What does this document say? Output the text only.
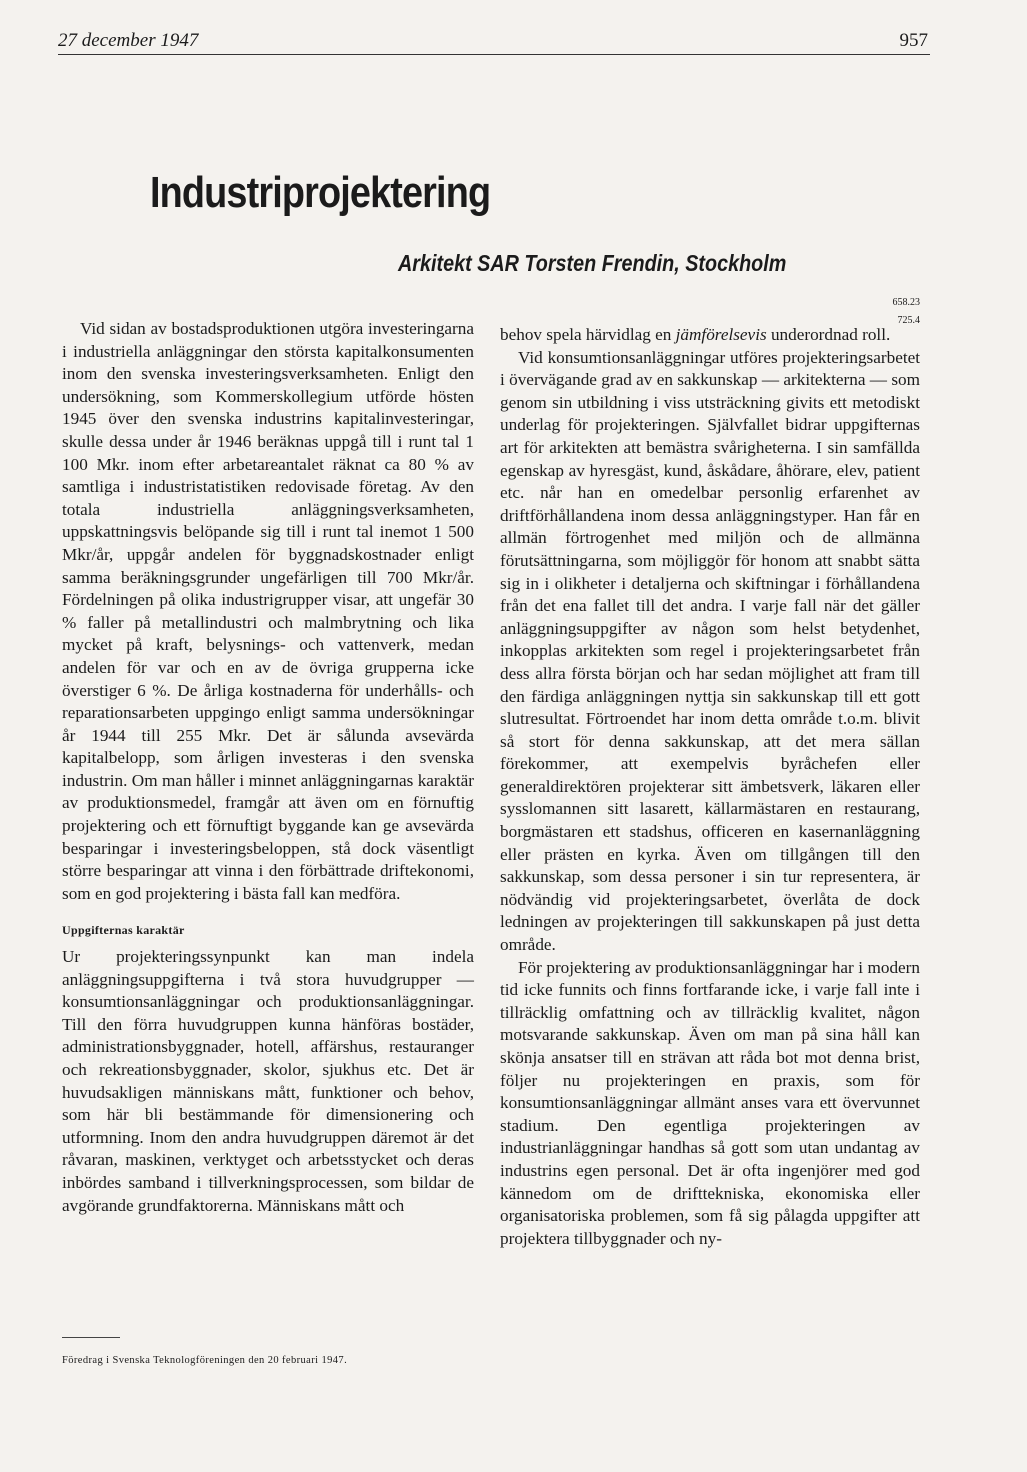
27 december 1947	957
Industriprojektering
Arkitekt SAR Torsten Frendin, Stockholm
658.23
725.4

Vid sidan av bostadsproduktionen utgöra investeringarna i industriella anläggningar den största kapitalkonsumenten inom den svenska investeringsverksamheten. Enligt den undersökning, som Kommerskollegium utförde hösten 1945 över den svenska industrins kapitalinvesteringar, skulle dessa under år 1946 beräknas uppgå till i runt tal 1 100 Mkr. inom efter arbetareantalet räknat ca 80 % av samtliga i industristatistiken redovisade företag. Av den totala industriella anläggningsverksamheten, uppskattningsvis belöpande sig till i runt tal inemot 1 500 Mkr/år, uppgår andelen för byggnadskostnader enligt samma beräkningsgrunder ungefärligen till 700 Mkr/år. Fördelningen på olika industrigrupper visar, att ungefär 30 % faller på metallindustri och malmbrytning och lika mycket på kraft, belysnings- och vattenverk, medan andelen för var och en av de övriga grupperna icke överstiger 6 %. De årliga kostnaderna för underhålls- och reparationsarbeten uppgingo enligt samma undersökningar år 1944 till 255 Mkr. Det är sålunda avsevärda kapitalbelopp, som årligen investeras i den svenska industrin. Om man håller i minnet anläggningarnas karaktär av produktionsmedel, framgår att även om en förnuftig projektering och ett förnuftigt byggande kan ge avsevärda besparingar i investeringsbeloppen, stå dock väsentligt större besparingar att vinna i den förbättrade driftekonomi, som en god projektering i bästa fall kan medföra.

Uppgifternas karaktär

Ur projekteringssynpunkt kan man indela anläggningsuppgifterna i två stora huvudgrupper — konsumtionsanläggningar och produktionsanläggningar. Till den förra huvudgruppen kunna hänföras bostäder, administrationsbyggnader, hotell, affärshus, restauranger och rekreationsbyggnader, skolor, sjukhus etc. Det är huvudsakligen människans mått, funktioner och behov, som här bli bestämmande för dimensionering och utformning. Inom den andra huvudgruppen däremot är det råvaran, maskinen, verktyget och arbetsstycket och deras inbördes samband i tillverkningsprocessen, som bildar de avgörande grundfaktorerna. Människans mått och

behov spela härvidlag en jämförelsevis underordnad roll.

Vid konsumtionsanläggningar utföres projekteringsarbetet i övervägande grad av en sakkunskap — arkitekterna — som genom sin utbildning i viss utsträckning givits ett metodiskt underlag för projekteringen. Självfallet bidrar uppgifternas art för arkitekten att bemästra svårigheterna. I sin samfällda egenskap av hyresgäst, kund, åskådare, åhörare, elev, patient etc. når han en omedelbar personlig erfarenhet av driftförhållandena inom dessa anläggningstyper. Han får en allmän förtrogenhet med miljön och de allmänna förutsättningarna, som möjliggör för honom att snabbt sätta sig in i olikheter i detaljerna och skiftningar i förhållandena från det ena fallet till det andra. I varje fall när det gäller anläggningsuppgifter av någon som helst betydenhet, inkopplas arkitekten som regel i projekteringsarbetet från dess allra första början och har sedan möjlighet att fram till den färdiga anläggningen nyttja sin sakkunskap till ett gott slutresultat. Förtroendet har inom detta område t.o.m. blivit så stort för denna sakkunskap, att det mera sällan förekommer, att exempelvis byråchefen eller generaldirektören projekterar sitt ämbetsverk, läkaren eller sysslomannen sitt lasarett, källarmästaren en restaurang, borgmästaren ett stadshus, officeren en kasernanläggning eller prästen en kyrka. Även om tillgången till den sakkunskap, som dessa personer i sin tur representera, är nödvändig vid projekteringsarbetet, överlåta de dock ledningen av projekteringen till sakkunskapen på just detta område.

För projektering av produktionsanläggningar har i modern tid icke funnits och finns fortfarande icke, i varje fall inte i tillräcklig omfattning och av tillräcklig kvalitet, någon motsvarande sakkunskap. Även om man på sina håll kan skönja ansatser till en strävan att råda bot mot denna brist, följer nu projekteringen en praxis, som för konsumtionsanläggningar allmänt anses vara ett övervunnet stadium. Den egentliga projekteringen av industrianläggningar handhas så gott som utan undantag av industrins egen personal. Det är ofta ingenjörer med god kännedom om de drifttekniska, ekonomiska eller organisatoriska problemen, som få sig pålagda uppgifter att projektera tillbyggnader och ny-

Föredrag i Svenska Teknologföreningen den 20 februari 1947.
